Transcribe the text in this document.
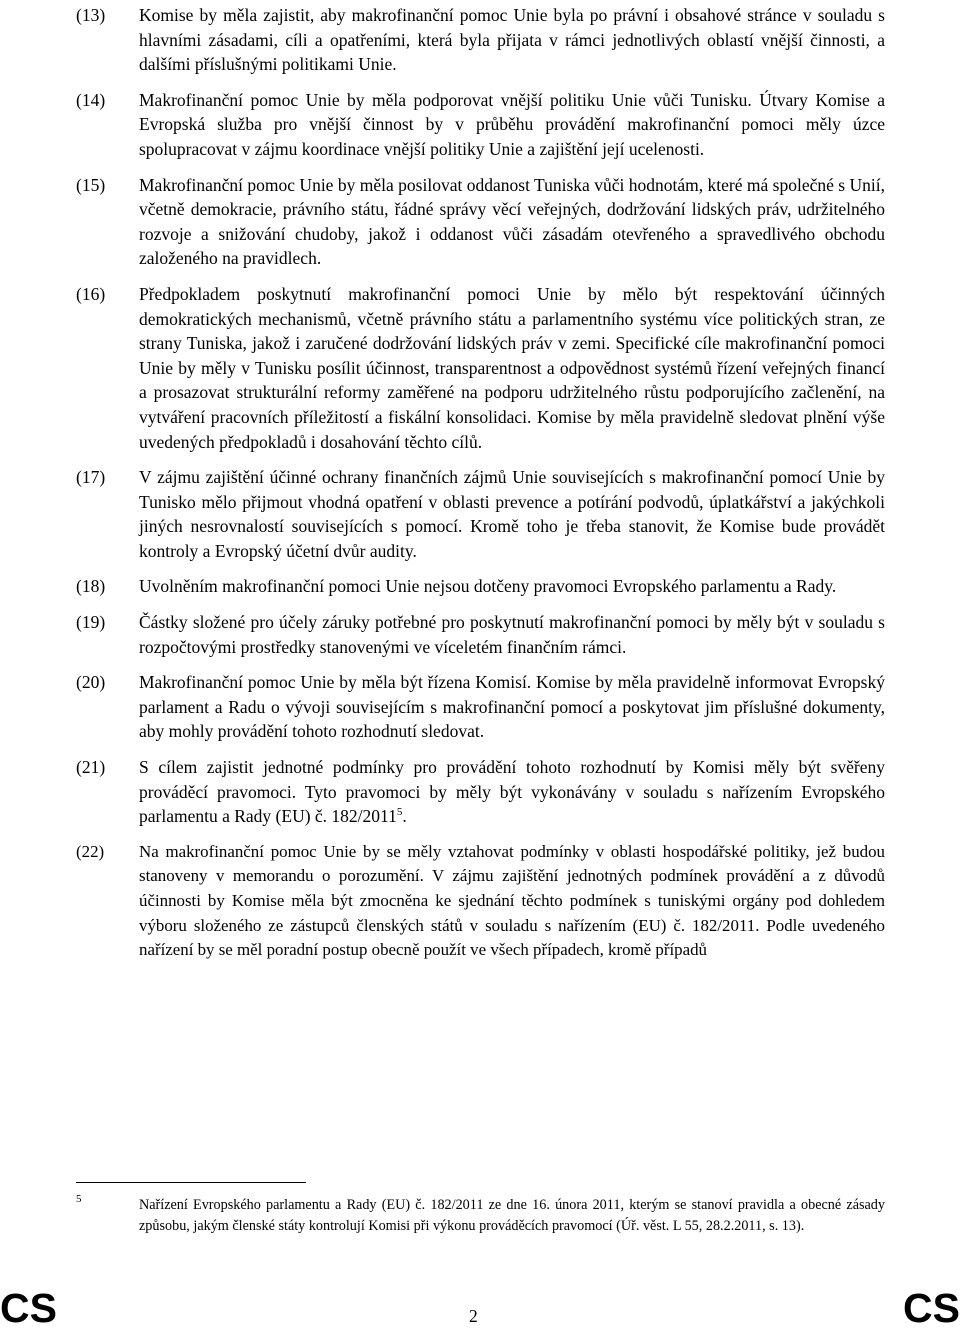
(13) Komise by měla zajistit, aby makrofinanční pomoc Unie byla po právní i obsahové stránce v souladu s hlavními zásadami, cíli a opatřeními, která byla přijata v rámci jednotlivých oblastí vnější činnosti, a dalšími příslušnými politikami Unie.
(14) Makrofinanční pomoc Unie by měla podporovat vnější politiku Unie vůči Tunisku. Útvary Komise a Evropská služba pro vnější činnost by v průběhu provádění makrofinanční pomoci měly úzce spolupracovat v zájmu koordinace vnější politiky Unie a zajištění její ucelenosti.
(15) Makrofinanční pomoc Unie by měla posilovat oddanost Tuniska vůči hodnotám, které má společné s Unií, včetně demokracie, právního státu, řádné správy věcí veřejných, dodržování lidských práv, udržitelného rozvoje a snižování chudoby, jakož i oddanost vůči zásadám otevřeného a spravedlivého obchodu založeného na pravidlech.
(16) Předpokladem poskytnutí makrofinanční pomoci Unie by mělo být respektování účinných demokratických mechanismů, včetně právního státu a parlamentního systému více politických stran, ze strany Tuniska, jakož i zaručené dodržování lidských práv v zemi. Specifické cíle makrofinanční pomoci Unie by měly v Tunisku posílit účinnost, transparentnost a odpovědnost systémů řízení veřejných financí a prosazovat strukturální reformy zaměřené na podporu udržitelného růstu podporujícího začlenění, na vytváření pracovních příležitostí a fiskální konsolidaci. Komise by měla pravidelně sledovat plnění výše uvedených předpokladů i dosahování těchto cílů.
(17) V zájmu zajištění účinné ochrany finančních zájmů Unie souvisejících s makrofinanční pomocí Unie by Tunisko mělo přijmout vhodná opatření v oblasti prevence a potírání podvodů, úplatkářství a jakýchkoli jiných nesrovnalostí souvisejících s pomocí. Kromě toho je třeba stanovit, že Komise bude provádět kontroly a Evropský účetní dvůr audity.
(18) Uvolněním makrofinanční pomoci Unie nejsou dotčeny pravomoci Evropského parlamentu a Rady.
(19) Částky složené pro účely záruky potřebné pro poskytnutí makrofinanční pomoci by měly být v souladu s rozpočtovými prostředky stanovenými ve víceletém finančním rámci.
(20) Makrofinanční pomoc Unie by měla být řízena Komisí. Komise by měla pravidelně informovat Evropský parlament a Radu o vývoji souvisejícím s makrofinanční pomocí a poskytovat jim příslušné dokumenty, aby mohly provádění tohoto rozhodnutí sledovat.
(21) S cílem zajistit jednotné podmínky pro provádění tohoto rozhodnutí by Komisi měly být svěřeny prováděcí pravomoci. Tyto pravomoci by měly být vykonávány v souladu s nařízením Evropského parlamentu a Rady (EU) č. 182/2011$^5$.
(22) Na makrofinanční pomoc Unie by se měly vztahovat podmínky v oblasti hospodářské politiky, jež budou stanoveny v memorandu o porozumění. V zájmu zajištění jednotných podmínek provádění a z důvodů účinnosti by Komise měla být zmocněna ke sjednání těchto podmínek s tuniskými orgány pod dohledem výboru složeného ze zástupců členských států v souladu s nařízením (EU) č. 182/2011. Podle uvedeného nařízení by se měl poradní postup obecně použít ve všech případech, kromě případů
5	Nařízení Evropského parlamentu a Rady (EU) č. 182/2011 ze dne 16. února 2011, kterým se stanoví pravidla a obecné zásady způsobu, jakým členské státy kontrolují Komisi při výkonu prováděcích pravomocí (Úř. věst. L 55, 28.2.2011, s. 13).
CS	2	CS
